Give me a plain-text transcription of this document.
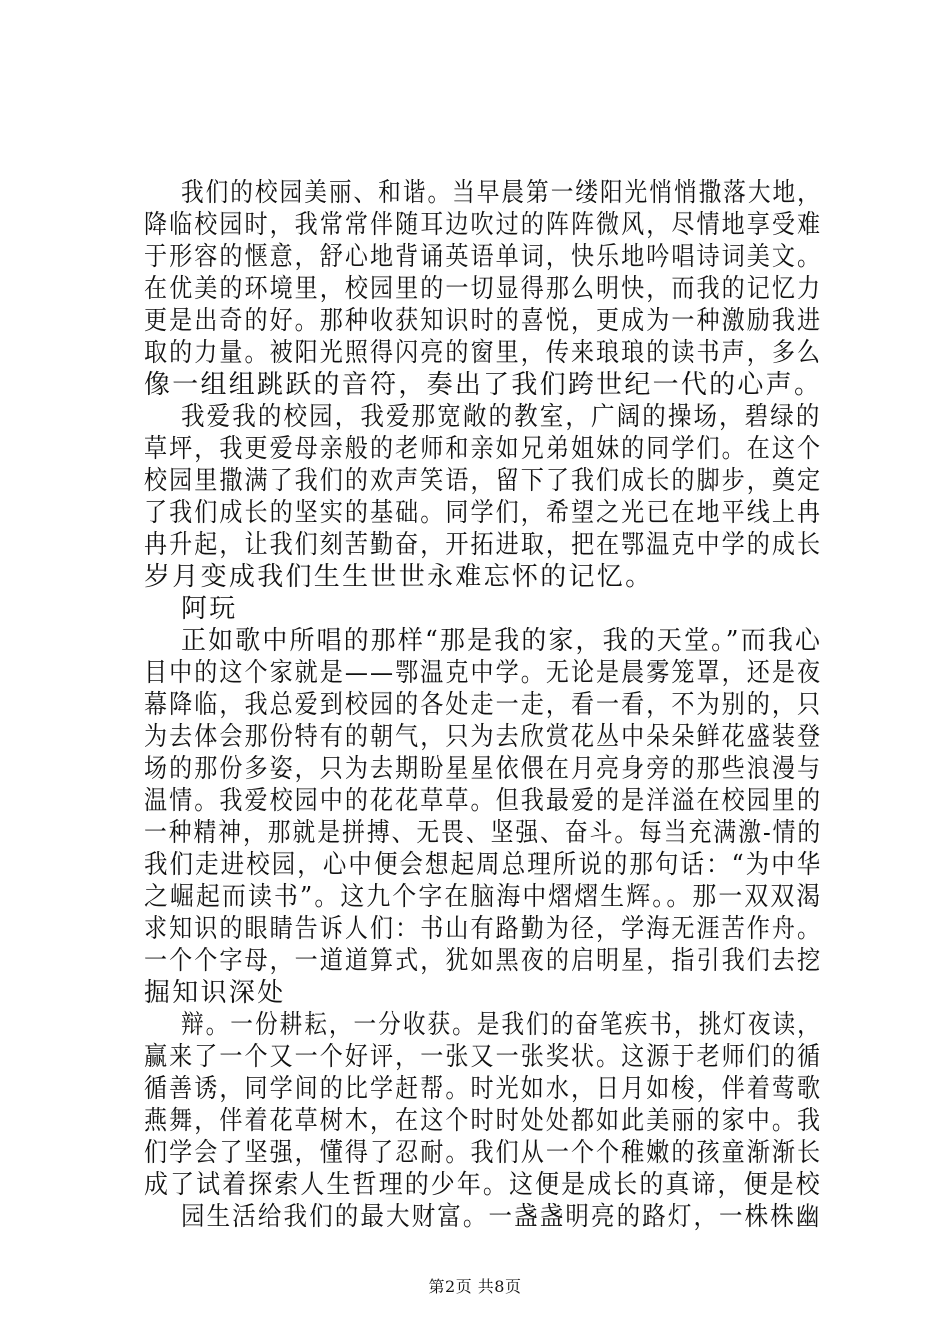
我们的校园美丽、和谐。当早晨第一缕阳光悄悄撒落大地，
降临校园时，我常常伴随耳边吹过的阵阵微风，尽情地享受难
于形容的惬意，舒心地背诵英语单词，快乐地吟唱诗词美文。
在优美的环境里，校园里的一切显得那么明快，而我的记忆力
更是出奇的好。那种收获知识时的喜悦，更成为一种激励我进
取的力量。被阳光照得闪亮的窗里，传来琅琅的读书声，多么
像一组组跳跃的音符，奏出了我们跨世纪一代的心声。
我爱我的校园，我爱那宽敞的教室，广阔的操场，碧绿的
草坪，我更爱母亲般的老师和亲如兄弟姐妹的同学们。在这个
校园里撒满了我们的欢声笑语，留下了我们成长的脚步，奠定
了我们成长的坚实的基础。同学们，希望之光已在地平线上冉
冉升起，让我们刻苦勤奋，开拓进取，把在鄂温克中学的成长
岁月变成我们生生世世永难忘怀的记忆。
阿玩
正如歌中所唱的那样“那是我的家，我的天堂。”而我心
目中的这个家就是——鄂温克中学。无论是晨雾笼罩，还是夜
幕降临，我总爱到校园的各处走一走，看一看，不为别的，只
为去体会那份特有的朝气，只为去欣赏花丛中朵朵鲜花盛装登
场的那份多姿，只为去期盼星星依偎在月亮身旁的那些浪漫与
温情。我爱校园中的花花草草。但我最爱的是洋溢在校园里的
一种精神，那就是拼搏、无畏、坚强、奋斗。每当充满激-情的
我们走进校园，心中便会想起周总理所说的那句话：“为中华
之崛起而读书”。这九个字在脑海中熠熠生辉。。那一双双渴
求知识的眼睛告诉人们：书山有路勤为径，学海无涯苦作舟。
一个个字母，一道道算式，犹如黑夜的启明星，指引我们去挖
掘知识深处
辩。一份耕耘，一分收获。是我们的奋笔疾书，挑灯夜读，
赢来了一个又一个好评，一张又一张奖状。这源于老师们的循
循善诱，同学间的比学赶帮。时光如水，日月如梭，伴着莺歌
燕舞，伴着花草树木，在这个时时处处都如此美丽的家中。我
们学会了坚强，懂得了忍耐。我们从一个个稚嫩的孩童渐渐长
成了试着探索人生哲理的少年。这便是成长的真谛，便是校
园生活给我们的最大财富。一盏盏明亮的路灯，一株株幽
第2页 共8页
